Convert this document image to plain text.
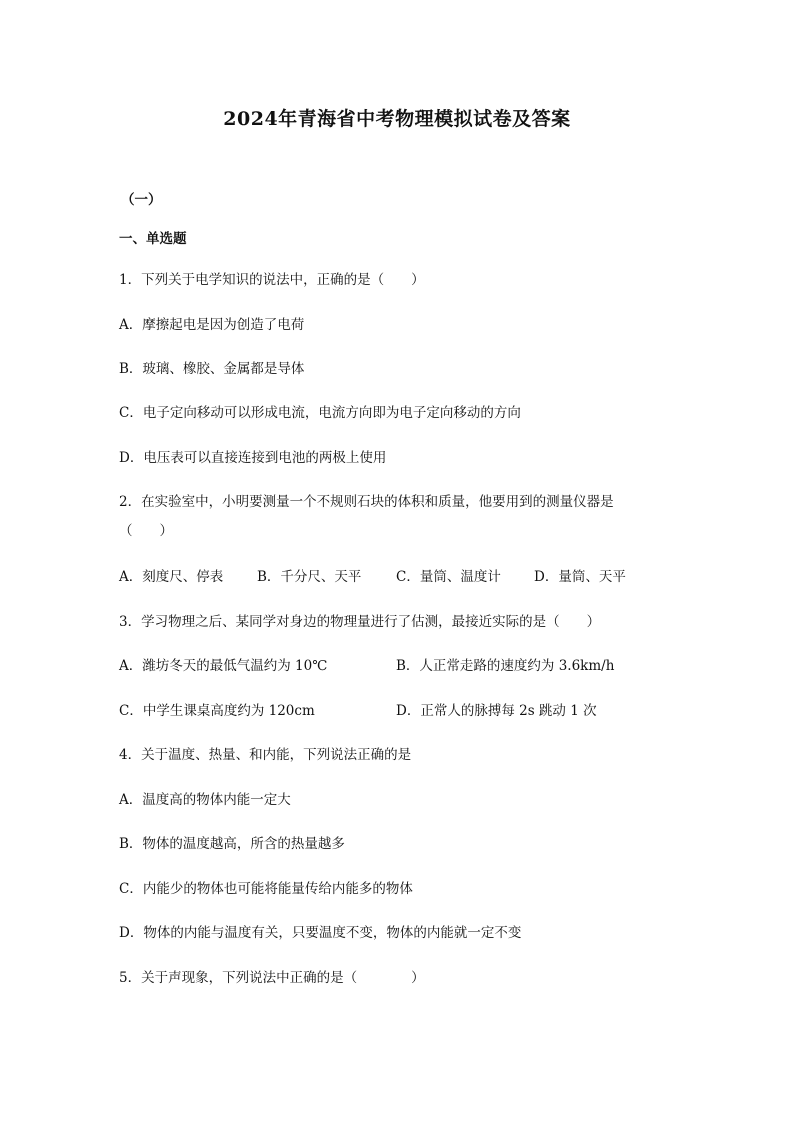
2024年青海省中考物理模拟试卷及答案
（一）
一、单选题
1．下列关于电学知识的说法中，正确的是（　　）
A．摩擦起电是因为创造了电荷
B．玻璃、橡胶、金属都是导体
C．电子定向移动可以形成电流，电流方向即为电子定向移动的方向
D．电压表可以直接连接到电池的两极上使用
2．在实验室中，小明要测量一个不规则石块的体积和质量，他要用到的测量仪器是
（　　）
A．刻度尺、停表	B．千分尺、天平	C．量筒、温度计 D．量筒、天平
3．学习物理之后、某同学对身边的物理量进行了估测，最接近实际的是（　　）
A．潍坊冬天的最低气温约为 10℃	B．人正常走路的速度约为 3.6km/h
C．中学生课桌高度约为 120cm	D．正常人的脉搏每 2s 跳动 1 次
4．关于温度、热量、和内能，下列说法正确的是
A．温度高的物体内能一定大
B．物体的温度越高，所含的热量越多
C．内能少的物体也可能将能量传给内能多的物体
D．物体的内能与温度有关，只要温度不变，物体的内能就一定不变
5．关于声现象，下列说法中正确的是（　　　　）
